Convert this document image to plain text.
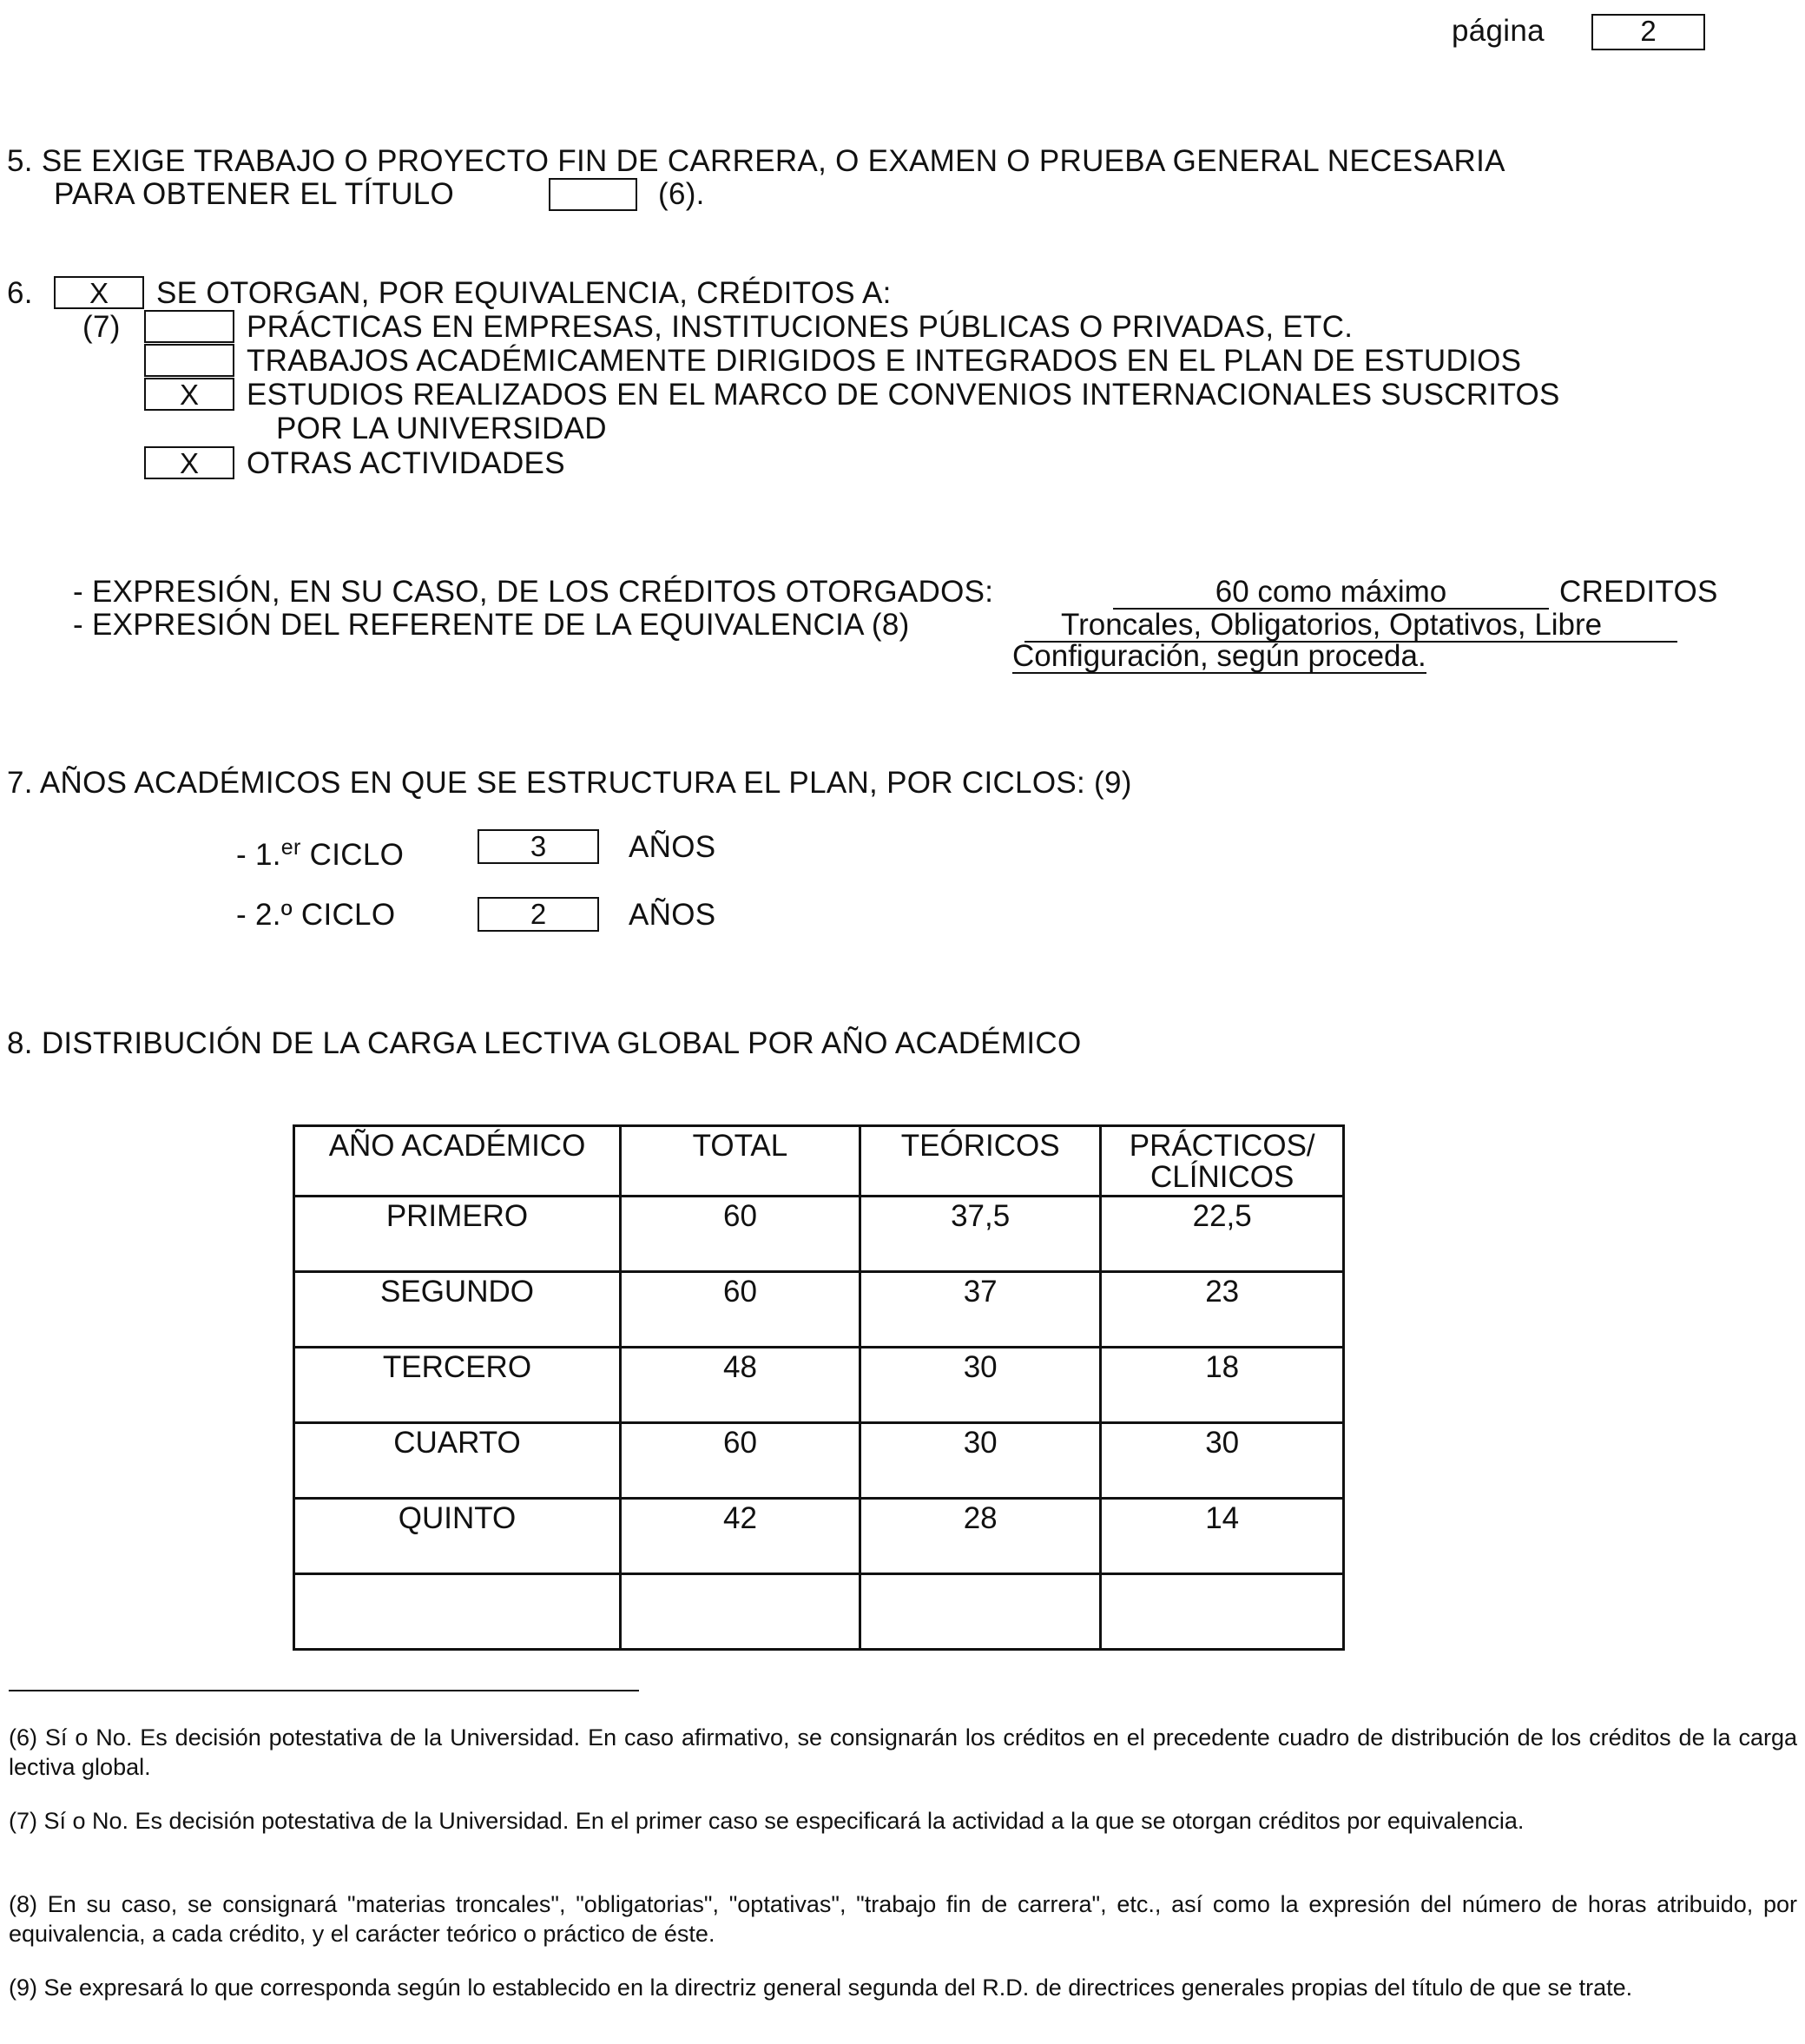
página	2
5. SE EXIGE TRABAJO O PROYECTO FIN DE CARRERA, O EXAMEN O PRUEBA GENERAL NECESARIA
PARA OBTENER EL TÍTULO	(6).
6.	X	SE OTORGAN, POR EQUIVALENCIA, CRÉDITOS A:
(7)	PRÁCTICAS EN EMPRESAS, INSTITUCIONES PÚBLICAS O PRIVADAS, ETC.
TRABAJOS ACADÉMICAMENTE DIRIGIDOS E INTEGRADOS EN EL PLAN DE ESTUDIOS
X	ESTUDIOS REALIZADOS EN EL MARCO DE CONVENIOS INTERNACIONALES SUSCRITOS
POR LA UNIVERSIDAD
X	OTRAS ACTIVIDADES
- EXPRESIÓN, EN SU CASO, DE LOS CRÉDITOS OTORGADOS:	60 como máximo	CREDITOS
- EXPRESIÓN DEL REFERENTE DE LA EQUIVALENCIA (8)	Troncales, Obligatorios, Optativos, Libre
Configuración, según proceda.
7. AÑOS ACADÉMICOS EN QUE SE ESTRUCTURA EL PLAN, POR CICLOS: (9)
- 1.$^{er}$ CICLO	3	AÑOS
- 2.º CICLO	2	AÑOS
8. DISTRIBUCIÓN DE LA CARGA LECTIVA GLOBAL POR AÑO ACADÉMICO
AÑO ACADÉMICO	TOTAL	TEÓRICOS	PRÁCTICOS/
CLÍNICOS

PRIMERO	60	37,5	22,5
SEGUNDO	60	37	23
TERCERO	48	30	18
CUARTO	60	30	30
QUINTO	42	28	14

(6) Sí o No. Es decisión potestativa de la Universidad. En caso afirmativo, se consignarán los créditos en el precedente cuadro de distribución de los créditos de la carga lectiva global.
(7) Sí o No. Es decisión potestativa de la Universidad. En el primer caso se especificará la actividad a la que se otorgan créditos por equivalencia.
(8) En su caso, se consignará "materias troncales", "obligatorias", "optativas", "trabajo fin de carrera", etc., así como la expresión del número de horas atribuido, por equivalencia, a cada crédito, y el carácter teórico o práctico de éste.
(9) Se expresará lo que corresponda según lo establecido en la directriz general segunda del R.D. de directrices generales propias del título de que se trate.
